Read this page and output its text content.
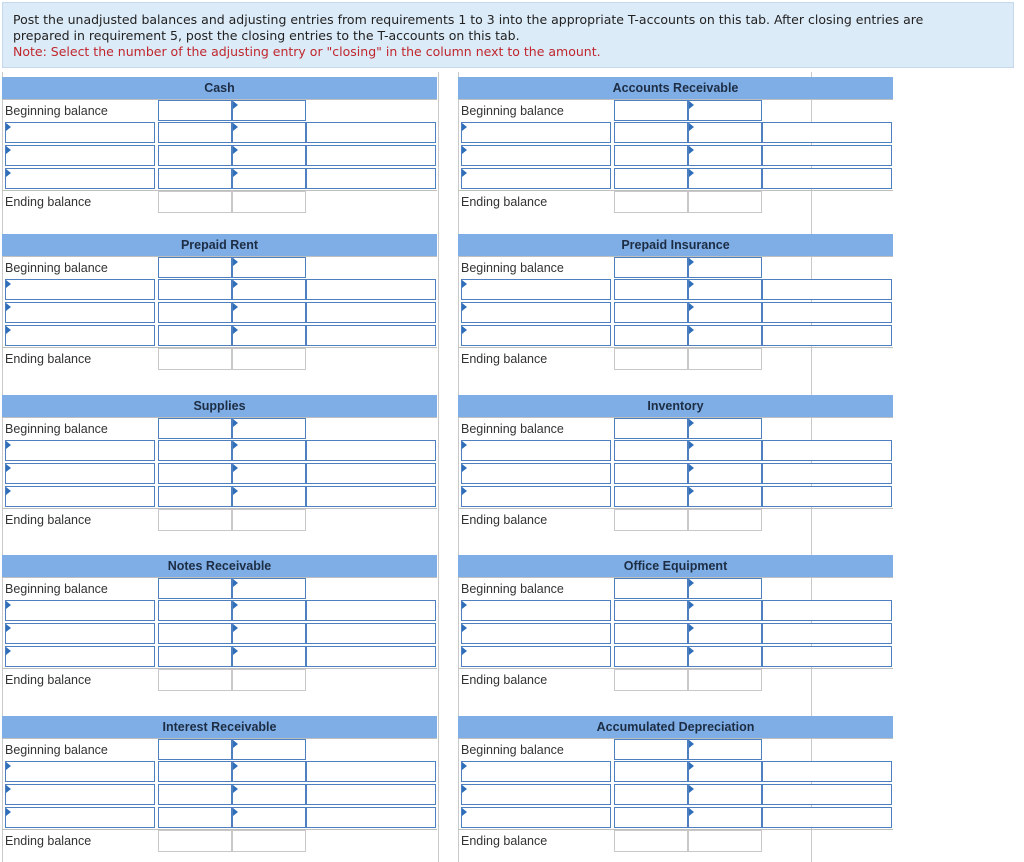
Post the unadjusted balances and adjusting entries from requirements 1 to 3 into the appropriate T-accounts on this tab. After closing entries are
prepared in requirement 5, post the closing entries to the T-accounts on this tab.
Note: Select the number of the adjusting entry or "closing" in the column next to the amount.
Cash
Beginning balance
Ending balance
Accounts Receivable
Beginning balance
Ending balance
Prepaid Rent
Beginning balance
Ending balance
Prepaid Insurance
Beginning balance
Ending balance
Supplies
Beginning balance
Ending balance
Inventory
Beginning balance
Ending balance
Notes Receivable
Beginning balance
Ending balance
Office Equipment
Beginning balance
Ending balance
Interest Receivable
Beginning balance
Ending balance
Accumulated Depreciation
Beginning balance
Ending balance
